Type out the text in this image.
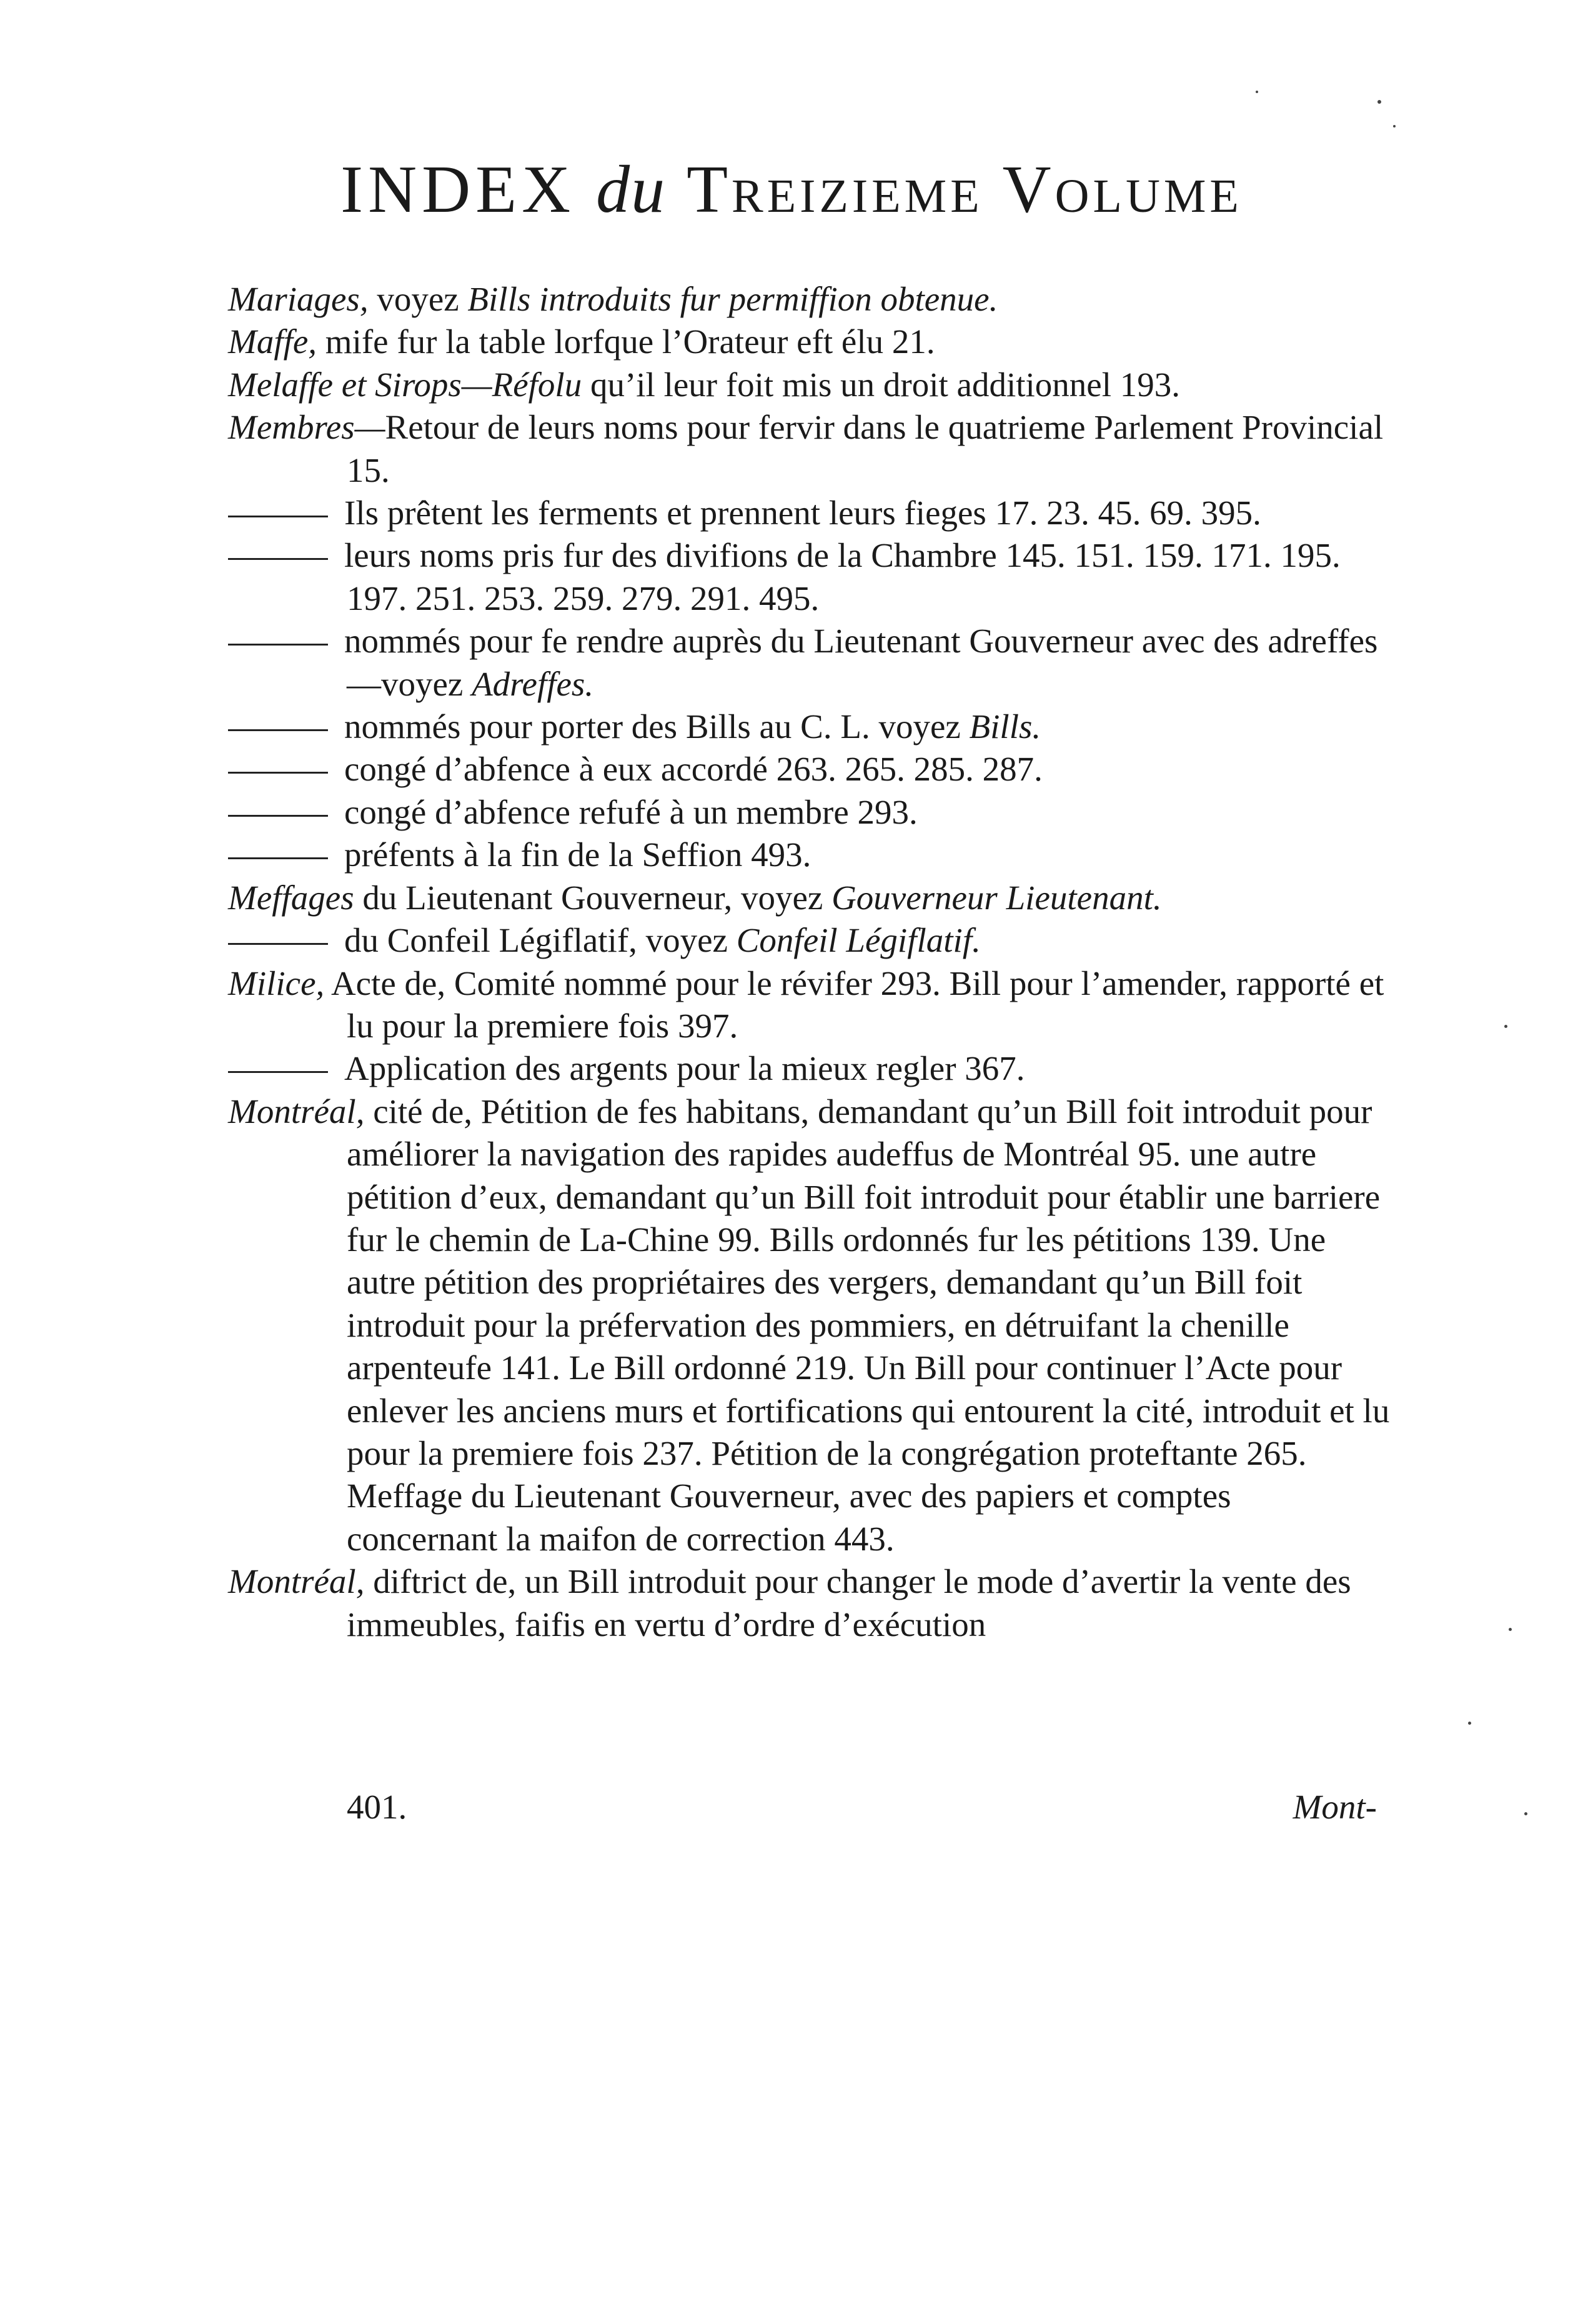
INDEX du Treizieme Volume
Mariages, voyez Bills introduits fur permiffion obtenue.
Maffe, mife fur la table lorfque l’Orateur eft élu 21.
Melaffe et Sirops—Réfolu qu’il leur foit mis un droit additionnel 193.
Membres—Retour de leurs noms pour fervir dans le quatrieme Parlement Provincial 15.
Ils prêtent les ferments et prennent leurs fieges 17. 23. 45. 69. 395.
leurs noms pris fur des divifions de la Chambre 145. 151. 159. 171. 195. 197. 251. 253. 259. 279. 291. 495.
nommés pour fe rendre auprès du Lieutenant Gouverneur avec des adreffes—voyez Adreffes.
nommés pour porter des Bills au C. L. voyez Bills.
congé d’abfence à eux accordé 263. 265. 285. 287.
congé d’abfence refufé à un membre 293.
préfents à la fin de la Seffion 493.
Meffages du Lieutenant Gouverneur, voyez Gouverneur Lieutenant.
du Confeil Légiflatif, voyez Confeil Légiflatif.
Milice, Acte de, Comité nommé pour le révifer 293. Bill pour l’amender, rapporté et lu pour la premiere fois 397.
Application des argents pour la mieux regler 367.
Montréal, cité de, Pétition de fes habitans, demandant qu’un Bill foit introduit pour améliorer la navigation des rapides audeffus de Montréal 95. une autre pétition d’eux, demandant qu’un Bill foit introduit pour établir une barriere fur le chemin de La-Chine 99. Bills ordonnés fur les pétitions 139. Une autre pétition des propriétaires des vergers, demandant qu’un Bill foit introduit pour la préfervation des pommiers, en détruifant la chenille arpenteufe 141. Le Bill ordonné 219. Un Bill pour continuer l’Acte pour enlever les anciens murs et fortifications qui entourent la cité, introduit et lu pour la premiere fois 237. Pétition de la congrégation proteftante 265. Meffage du Lieutenant Gouverneur, avec des papiers et comptes concernant la maifon de correction 443.
Montréal, diftrict de, un Bill introduit pour changer le mode d’avertir la vente des immeubles, faifis en vertu d’ordre d’exécution
401.	Mont-
